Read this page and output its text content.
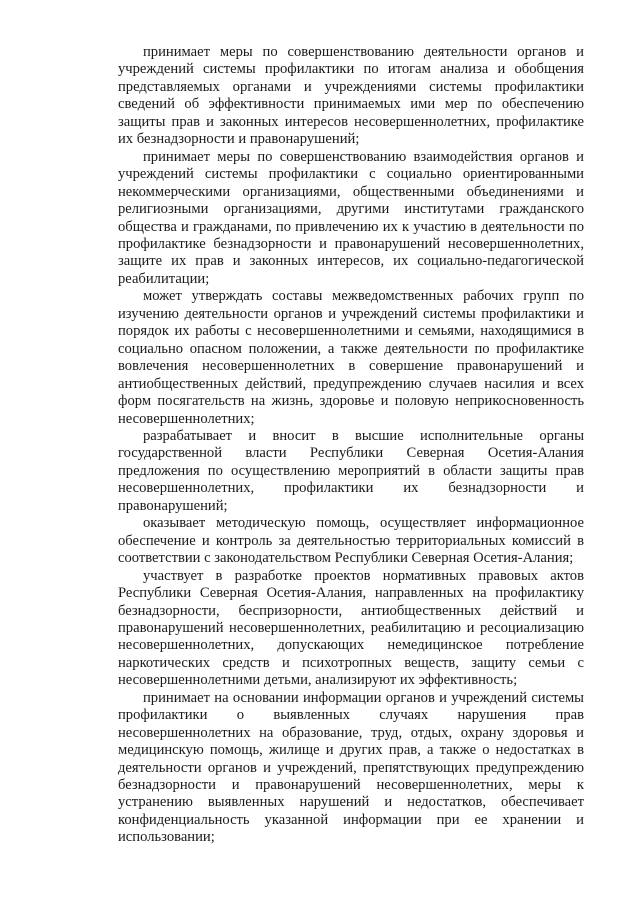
принимает меры по совершенствованию деятельности органов и учреждений системы профилактики по итогам анализа и обобщения представляемых органами и учреждениями системы профилактики сведений об эффективности принимаемых ими мер по обеспечению защиты прав и законных интересов несовершеннолетних, профилактике их безнадзорности и правонарушений;

принимает меры по совершенствованию взаимодействия органов и учреждений системы профилактики с социально ориентированными некоммерческими организациями, общественными объединениями и религиозными организациями, другими институтами гражданского общества и гражданами, по привлечению их к участию в деятельности по профилактике безнадзорности и правонарушений несовершеннолетних, защите их прав и законных интересов, их социально-педагогической реабилитации;

может утверждать составы межведомственных рабочих групп по изучению деятельности органов и учреждений системы профилактики и порядок их работы с несовершеннолетними и семьями, находящимися в социально опасном положении, а также деятельности по профилактике вовлечения несовершеннолетних в совершение правонарушений и антиобщественных действий, предупреждению случаев насилия и всех форм посягательств на жизнь, здоровье и половую неприкосновенность несовершеннолетних;

разрабатывает и вносит в высшие исполнительные органы государственной власти Республики Северная Осетия-Алания предложения по осуществлению мероприятий в области защиты прав несовершеннолетних, профилактики их безнадзорности и правонарушений;

оказывает методическую помощь, осуществляет информационное обеспечение и контроль за деятельностью территориальных комиссий в соответствии с законодательством Республики Северная Осетия-Алания;

участвует в разработке проектов нормативных правовых актов Республики Северная Осетия-Алания, направленных на профилактику безнадзорности, беспризорности, антиобщественных действий и правонарушений несовершеннолетних, реабилитацию и ресоциализацию несовершеннолетних, допускающих немедицинское потребление наркотических средств и психотропных веществ, защиту семьи с несовершеннолетними детьми, анализируют их эффективность;

принимает на основании информации органов и учреждений системы профилактики о выявленных случаях нарушения прав несовершеннолетних на образование, труд, отдых, охрану здоровья и медицинскую помощь, жилище и других прав, а также о недостатках в деятельности органов и учреждений, препятствующих предупреждению безнадзорности и правонарушений несовершеннолетних, меры к устранению выявленных нарушений и недостатков, обеспечивает конфиденциальность указанной информации при ее хранении и использовании;
